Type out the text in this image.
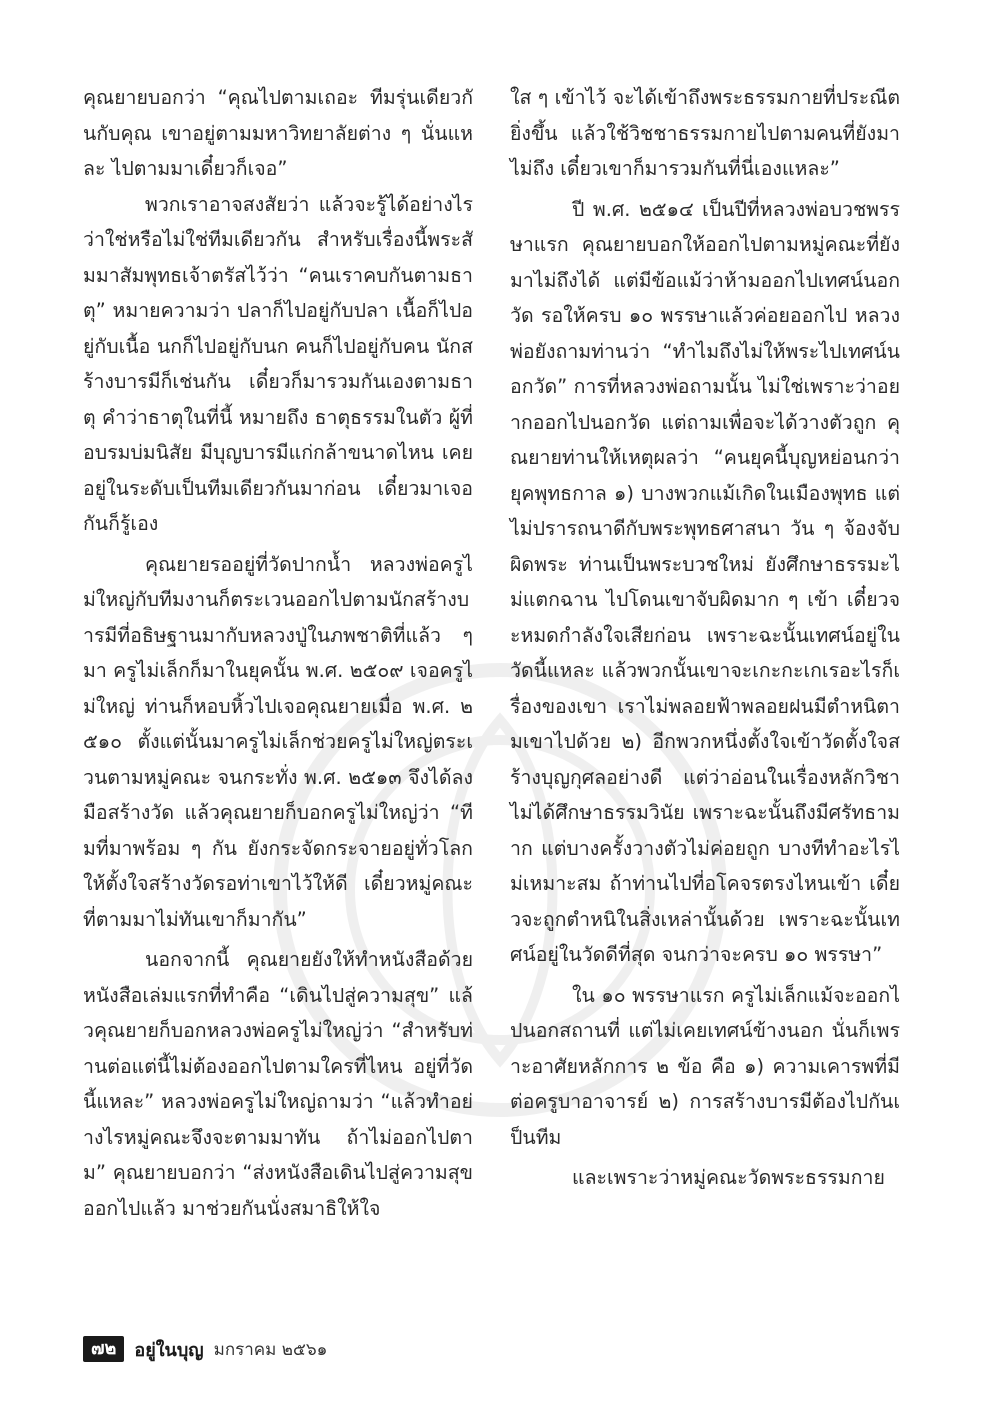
คุณยายบอกว่า “คุณไปตามเถอะ ทีมรุ่นเดียวกันกับคุณ เขาอยู่ตามมหาวิทยาลัยต่าง ๆ นั่นแหละ ไปตามมาเดี๋ยวก็เจอ”

พวกเราอาจสงสัยว่า แล้วจะรู้ได้อย่างไรว่าใช่หรือไม่ใช่ทีมเดียวกัน สำหรับเรื่องนี้พระสัมมาสัมพุทธเจ้าตรัสไว้ว่า “คนเราคบกันตามธาตุ” หมายความว่า ปลาก็ไปอยู่กับปลา เนื้อก็ไปอยู่กับเนื้อ นกก็ไปอยู่กับนก คนก็ไปอยู่กับคน นักสร้างบารมีก็เช่นกัน เดี๋ยวก็มารวมกันเองตามธาตุ คำว่าธาตุในที่นี้ หมายถึง ธาตุธรรมในตัว ผู้ที่อบรมบ่มนิสัย มีบุญบารมีแก่กล้าขนาดไหน เคยอยู่ในระดับเป็นทีมเดียวกันมาก่อน เดี๋ยวมาเจอกันก็รู้เอง

คุณยายรออยู่ที่วัดปากน้ำ หลวงพ่อครูไม่ใหญ่กับทีมงานก็ตระเวนออกไปตามนักสร้างบารมีที่อธิษฐานมากับหลวงปู่ในภพชาติที่แล้ว ๆ มา ครูไม่เล็กก็มาในยุคนั้น พ.ศ. ๒๕๐๙ เจอครูไม่ใหญ่ ท่านก็หอบหิ้วไปเจอคุณยายเมื่อ พ.ศ. ๒๕๑๐ ตั้งแต่นั้นมาครูไม่เล็กช่วยครูไม่ใหญ่ตระเวนตามหมู่คณะ จนกระทั่ง พ.ศ. ๒๕๑๓ จึงได้ลงมือสร้างวัด แล้วคุณยายก็บอกครูไม่ใหญ่ว่า “ทีมที่มาพร้อม ๆ กัน ยังกระจัดกระจายอยู่ทั่วโลก ให้ตั้งใจสร้างวัดรอท่าเขาไว้ให้ดี เดี๋ยวหมู่คณะที่ตามมาไม่ทันเขาก็มากัน”

นอกจากนี้ คุณยายยังให้ทำหนังสือด้วย หนังสือเล่มแรกที่ทำคือ “เดินไปสู่ความสุข” แล้วคุณยายก็บอกหลวงพ่อครูไม่ใหญ่ว่า “สำหรับท่านต่อแต่นี้ไม่ต้องออกไปตามใครที่ไหน อยู่ที่วัดนี้แหละ” หลวงพ่อครูไม่ใหญ่ถามว่า “แล้วทำอย่างไรหมู่คณะจึงจะตามมาทัน ถ้าไม่ออกไปตาม” คุณยายบอกว่า “ส่งหนังสือเดินไปสู่ความสุขออกไปแล้ว มาช่วยกันนั่งสมาธิให้ใจ

ใส ๆ เข้าไว้ จะได้เข้าถึงพระธรรมกายที่ประณีตยิ่งขึ้น แล้วใช้วิชชาธรรมกายไปตามคนที่ยังมาไม่ถึง เดี๋ยวเขาก็มารวมกันที่นี่เองแหละ”

ปี พ.ศ. ๒๕๑๔ เป็นปีที่หลวงพ่อบวชพรรษาแรก คุณยายบอกให้ออกไปตามหมู่คณะที่ยังมาไม่ถึงได้ แต่มีข้อแม้ว่าห้ามออกไปเทศน์นอกวัด รอให้ครบ ๑๐ พรรษาแล้วค่อยออกไป หลวงพ่อยังถามท่านว่า “ทำไมถึงไม่ให้พระไปเทศน์นอกวัด” การที่หลวงพ่อถามนั้น ไม่ใช่เพราะว่าอยากออกไปนอกวัด แต่ถามเพื่อจะได้วางตัวถูก คุณยายท่านให้เหตุผลว่า “คนยุคนี้บุญหย่อนกว่ายุคพุทธกาล ๑) บางพวกแม้เกิดในเมืองพุทธ แต่ไม่ปรารถนาดีกับพระพุทธศาสนา วัน ๆ จ้องจับผิดพระ ท่านเป็นพระบวชใหม่ ยังศึกษาธรรมะไม่แตกฉาน ไปโดนเขาจับผิดมาก ๆ เข้า เดี๋ยวจะหมดกำลังใจเสียก่อน เพราะฉะนั้นเทศน์อยู่ในวัดนี้แหละ แล้วพวกนั้นเขาจะเกะกะเกเรอะไรก็เรื่องของเขา เราไม่พลอยฟ้าพลอยฝนมีตำหนิตามเขาไปด้วย ๒) อีกพวกหนึ่งตั้งใจเข้าวัดตั้งใจสร้างบุญกุศลอย่างดี แต่ว่าอ่อนในเรื่องหลักวิชา ไม่ได้ศึกษาธรรมวินัย เพราะฉะนั้นถึงมีศรัทธามาก แต่บางครั้งวางตัวไม่ค่อยถูก บางทีทำอะไรไม่เหมาะสม ถ้าท่านไปที่อโคจรตรงไหนเข้า เดี๋ยวจะถูกตำหนิในสิ่งเหล่านั้นด้วย เพราะฉะนั้นเทศน์อยู่ในวัดดีที่สุด จนกว่าจะครบ ๑๐ พรรษา”

ใน ๑๐ พรรษาแรก ครูไม่เล็กแม้จะออกไปนอกสถานที่ แต่ไม่เคยเทศน์ข้างนอก นั่นก็เพราะอาศัยหลักการ ๒ ข้อ คือ ๑) ความเคารพที่มีต่อครูบาอาจารย์ ๒) การสร้างบารมีต้องไปกันเป็นทีม

และเพราะว่าหมู่คณะวัดพระธรรมกาย

๗๒	อยู่ในบุญ มกราคม ๒๕๖๑
